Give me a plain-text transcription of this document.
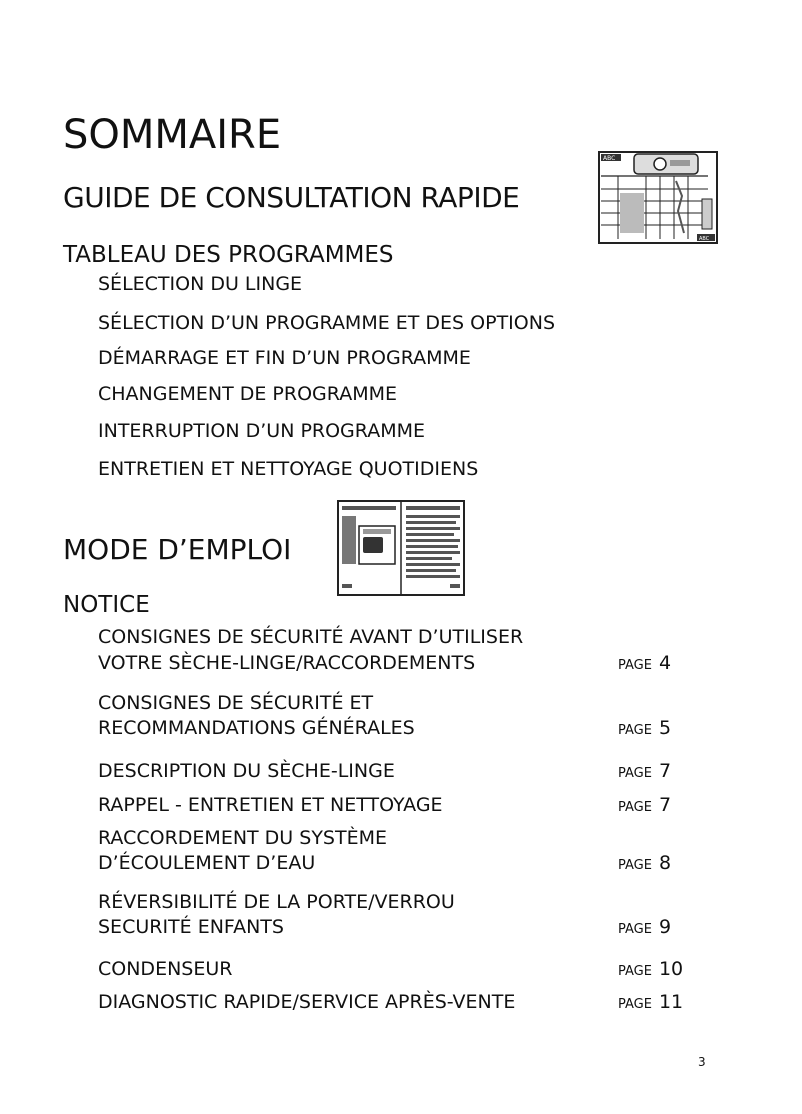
SOMMAIRE
GUIDE DE CONSULTATION RAPIDE
ABC
ABC
TABLEAU DES PROGRAMMES
SÉLECTION DU LINGE
SÉLECTION D’UN PROGRAMME ET DES OPTIONS
DÉMARRAGE ET FIN D’UN PROGRAMME
CHANGEMENT DE PROGRAMME
INTERRUPTION D’UN PROGRAMME
ENTRETIEN ET NETTOYAGE QUOTIDIENS
MODE D’EMPLOI
NOTICE
CONSIGNES DE SÉCURITÉ AVANT D’UTILISER
VOTRE SÈCHE-LINGE/RACCORDEMENTS	PAGE 4
CONSIGNES DE SÉCURITÉ ET
RECOMMANDATIONS GÉNÉRALES	PAGE 5
DESCRIPTION DU SÈCHE-LINGE	PAGE 7
RAPPEL - ENTRETIEN ET NETTOYAGE	PAGE 7
RACCORDEMENT DU SYSTÈME
D’ÉCOULEMENT D’EAU	PAGE 8
RÉVERSIBILITÉ DE LA PORTE/VERROU
SECURITÉ ENFANTS	PAGE 9
CONDENSEUR	PAGE 10
DIAGNOSTIC RAPIDE/SERVICE APRÈS-VENTE	PAGE 11
3
